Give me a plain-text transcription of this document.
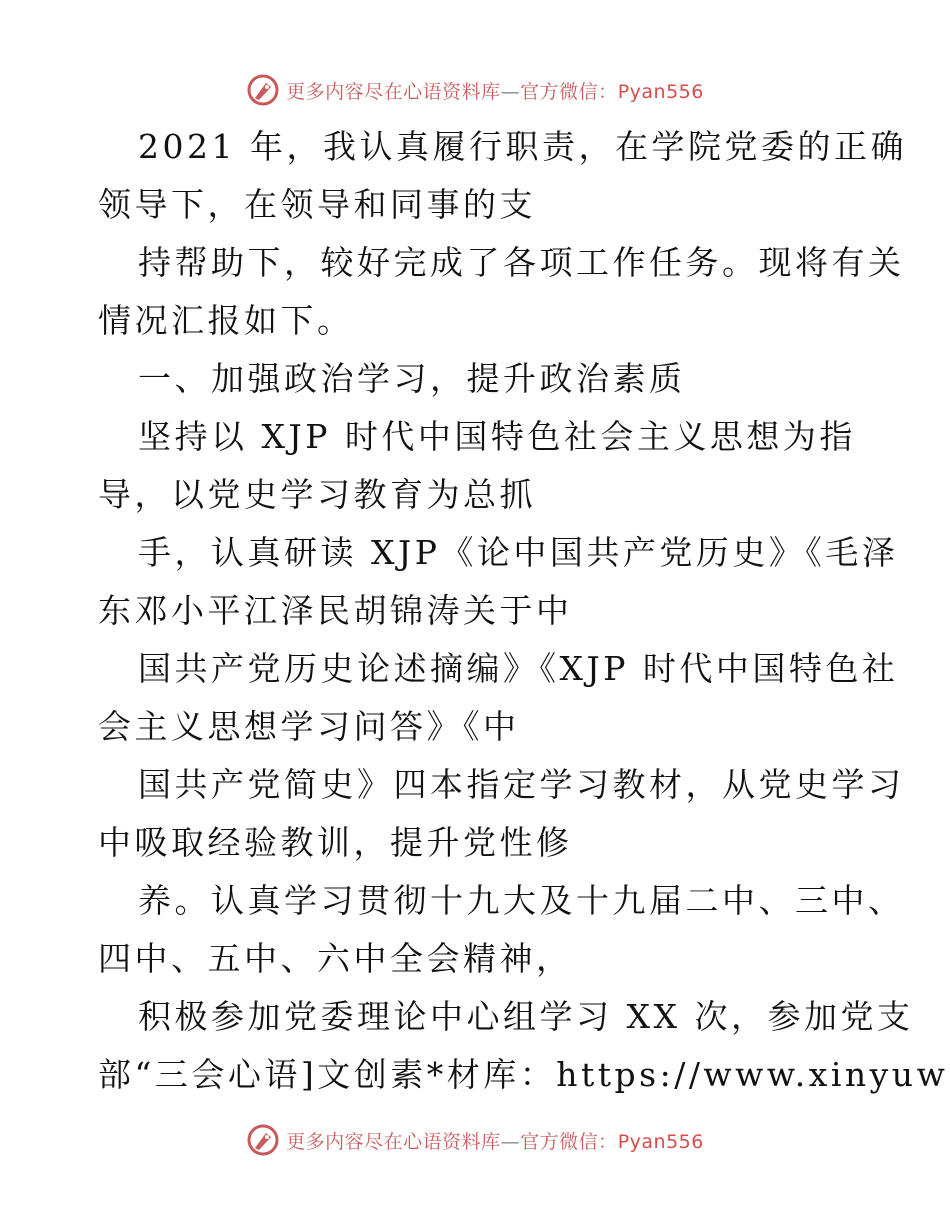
更多内容尽在心语资料库—官方微信：Pyan556
2021 年，我认真履行职责，在学院党委的正确
领导下，在领导和同事的支
持帮助下，较好完成了各项工作任务。现将有关
情况汇报如下。
一、加强政治学习，提升政治素质
坚持以 XJP 时代中国特色社会主义思想为指
导，以党史学习教育为总抓
手，认真研读 XJP《论中国共产党历史》《毛泽
东邓小平江泽民胡锦涛关于中
国共产党历史论述摘编》《XJP 时代中国特色社
会主义思想学习问答》《中
国共产党简史》四本指定学习教材，从党史学习
中吸取经验教训，提升党性修
养。认真学习贯彻十九大及十九届二中、三中、
四中、五中、六中全会精神，
积极参加党委理论中心组学习 XX 次，参加党支
部“三会心语]文创素*材库：https://www.xinyuw
更多内容尽在心语资料库—官方微信：Pyan556
